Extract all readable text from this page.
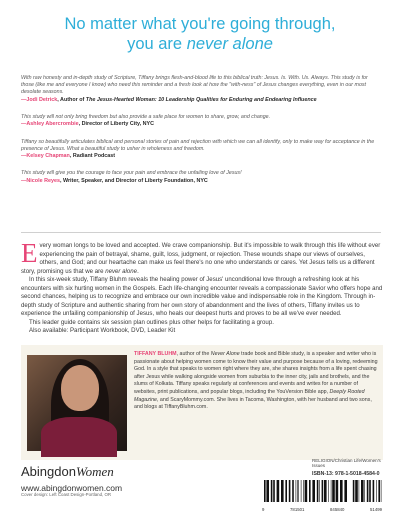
No matter what you're going through,
you are never alone
With raw honesty and in-depth study of Scripture, Tiffany brings flesh-and-blood life to this biblical truth: Jesus. Is. With. Us. Always. This study is for those (like me and everyone I know) who need this reminder and a fresh look at how the "with-ness" of Jesus changes everything, even in our most desolate seasons.
—Jodi Detrick, Author of The Jesus-Hearted Woman: 10 Leadership Qualities for Enduring and Endearing Influence
This study will not only bring freedom but also provide a safe place for women to share, grow, and change.
—Ashley Abercrombie, Director of Liberty City, NYC
Tiffany so beautifully articulates biblical and personal stories of pain and rejection with which we can all identify, only to make way for acceptance in the presence of Jesus. What a beautiful study to usher in wholeness and freedom.
—Kelsey Chapman, Radiant Podcast
This study will give you the courage to face your pain and embrace the unfailing love of Jesus!
—Nicole Reyes, Writer, Speaker, and Director of Liberty Foundation, NYC
Every woman longs to be loved and accepted. We crave companionship. But it's impossible to walk through this life without ever experiencing the pain of betrayal, shame, guilt, loss, judgment, or rejection. These wounds shape our views of ourselves, others, and God; and our heartache can make us feel there's no one who understands or cares. Yet Jesus tells us a different story, promising us that we are never alone.
In this six-week study, Tiffany Bluhm reveals the healing power of Jesus' unconditional love through a refreshing look at his encounters with six hurting women in the Gospels. Each life-changing encounter reveals a compassionate Savior who offers hope and second chances, helping us to recognize and embrace our own incredible value and indispensable role in the Kingdom. Through in-depth study of Scripture and authentic sharing from her own story of abandonment and the lives of others, Tiffany invites us to experience the unfailing companionship of Jesus, who heals our deepest hurts and proves to be all we've ever needed.
This leader guide contains six session plan outlines plus other helps for facilitating a group.
Also available: Participant Workbook, DVD, Leader Kit
TIFFANY BLUHM, author of the Never Alone trade book and Bible study, is a speaker and writer who is passionate about helping women come to know their value and purpose because of a loving, redeeming God. In a style that speaks to women right where they are, she shares insights from a life spent chasing after Jesus while walking alongside women from suburbia to the inner city, jails and brothels, and the slums of Kolkata. Tiffany speaks regularly at conferences and events and writes for a number of websites, print publications, and popular blogs, including the YouVersion Bible app, Deeply Rooted Magazine, and ScaryMommy.com. She lives in Tacoma, Washington, with her husband and two sons, and blogs at TiffanyBluhm.com.
AbingdonWomen
www.abingdonwomen.com
Cover design: Left Coast Design-Portland, OR
RELIGION/Christian Life/Women's Issues
ISBN-13: 978-1-5018-4584-0
9	781501	845840	51499
